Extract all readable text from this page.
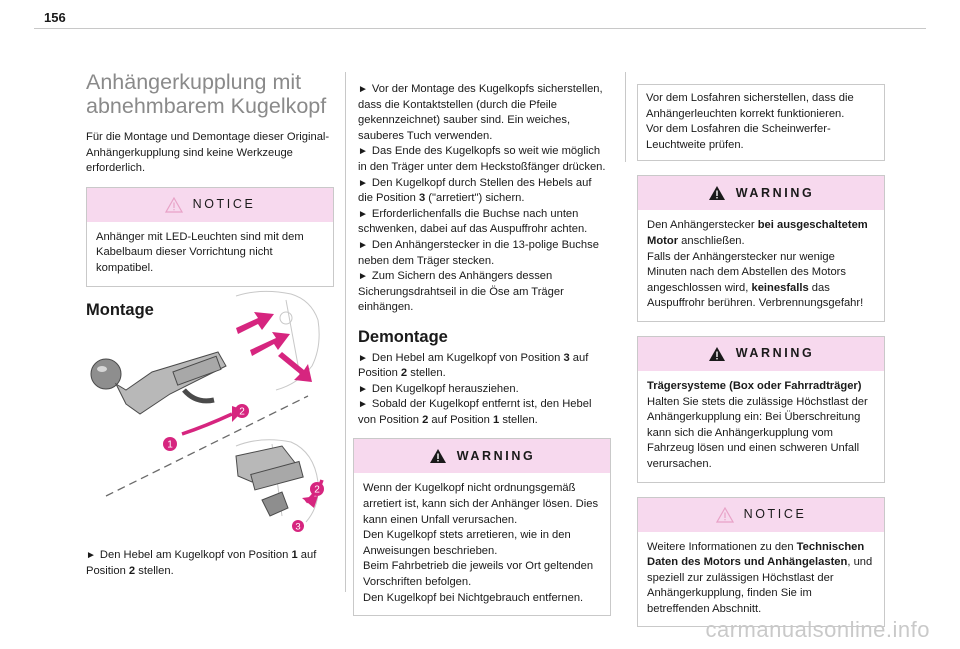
156
Anhängerkupplung mit
abnehmbarem Kugelkopf

Für die Montage und Demontage dieser Original-Anhängerkupplung sind keine Werkzeuge erforderlich.

NOTICE
Anhänger mit LED-Leuchten sind mit dem Kabelbaum dieser Vorrichtung nicht kompatibel.
Montage
1
2
2
3

► Den Hebel am Kugelkopf von Position 1 auf Position 2 stellen.

► Vor der Montage des Kugelkopfs sicherstellen, dass die Kontaktstellen (durch die Pfeile gekennzeichnet) sauber sind. Ein weiches, sauberes Tuch verwenden.

► Das Ende des Kugelkopfs so weit wie möglich in den Träger unter dem Heckstoßfänger drücken.

► Den Kugelkopf durch Stellen des Hebels auf die Position 3 ("arretiert") sichern.

► Erforderlichenfalls die Buchse nach unten schwenken, dabei auf das Auspuffrohr achten.

► Den Anhängerstecker in die 13-polige Buchse neben dem Träger stecken.

► Zum Sichern des Anhängers dessen Sicherungsdrahtseil in die Öse am Träger einhängen.

Demontage

► Den Hebel am Kugelkopf von Position 3 auf Position 2 stellen.

► Den Kugelkopf herausziehen.

► Sobald der Kugelkopf entfernt ist, den Hebel von Position 2 auf Position 1 stellen.

WARNING

Wenn der Kugelkopf nicht ordnungsgemäß arretiert ist, kann sich der Anhänger lösen. Dies kann einen Unfall verursachen.

Den Kugelkopf stets arretieren, wie in den Anweisungen beschrieben.

Beim Fahrbetrieb die jeweils vor Ort geltenden Vorschriften befolgen.

Den Kugelkopf bei Nichtgebrauch entfernen.

Vor dem Losfahren sicherstellen, dass die Anhängerleuchten korrekt funktionieren.

Vor dem Losfahren die Scheinwerfer-Leuchtweite prüfen.

WARNING

Den Anhängerstecker bei ausgeschaltetem Motor anschließen.

Falls der Anhängerstecker nur wenige Minuten nach dem Abstellen des Motors angeschlossen wird, keinesfalls das Auspuffrohr berühren. Verbrennungsgefahr!

WARNING

Trägersysteme (Box oder Fahrradträger)

Halten Sie stets die zulässige Höchstlast der Anhängerkupplung ein: Bei Überschreitung kann sich die Anhängerkupplung vom Fahrzeug lösen und einen schweren Unfall verursachen.

NOTICE

Weitere Informationen zu den Technischen Daten des Motors und Anhängelasten, und speziell zur zulässigen Höchstlast der Anhängerkupplung, finden Sie im betreffenden Abschnitt.

carmanualsonline.info
